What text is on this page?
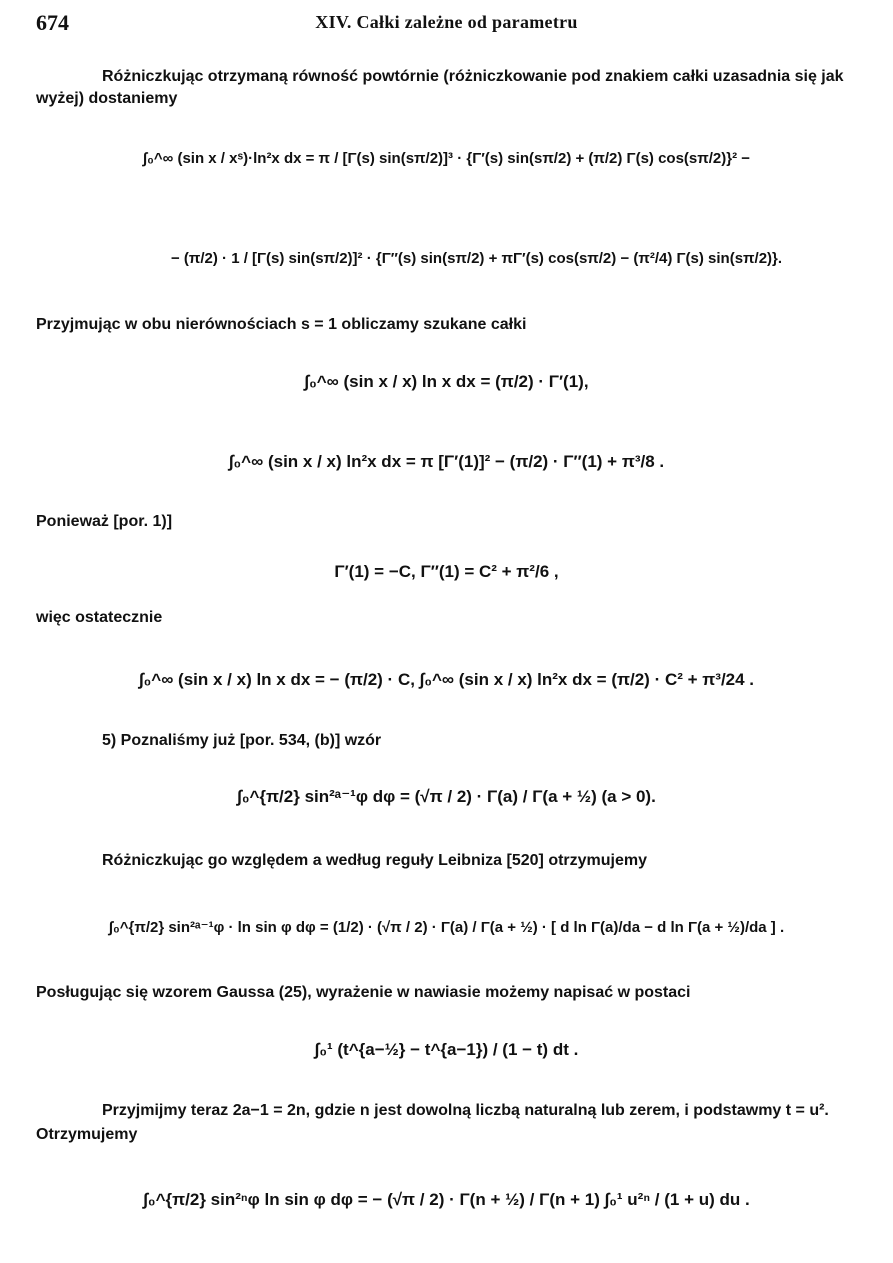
674	XIV. Całki zależne od parametru
Różniczkując otrzymaną równość powtórnie (różniczkowanie pod znakiem całki uzasadnia się jak wyżej) dostaniemy
∫₀^∞ (sin x / xˢ)·ln²x dx = π / [Γ(s) sin(sπ/2)]³ · {Γ′(s) sin(sπ/2) + (π/2) Γ(s) cos(sπ/2)}² −
− (π/2) · 1 / [Γ(s) sin(sπ/2)]² · {Γ″(s) sin(sπ/2) + πΓ′(s) cos(sπ/2) − (π²/4) Γ(s) sin(sπ/2)}.
Przyjmując w obu nierównościach s = 1 obliczamy szukane całki
∫₀^∞ (sin x / x) ln x dx = (π/2) · Γ′(1),
∫₀^∞ (sin x / x) ln²x dx = π [Γ′(1)]² − (π/2) · Γ″(1) + π³/8 .
Ponieważ [por. 1)]
Γ′(1) = −C, Γ″(1) = C² + π²/6 ,
więc ostatecznie
∫₀^∞ (sin x / x) ln x dx = − (π/2) · C, ∫₀^∞ (sin x / x) ln²x dx = (π/2) · C² + π³/24 .
5) Poznaliśmy już [por. 534, (b)] wzór
∫₀^{π/2} sin²ᵃ⁻¹φ dφ = (√π / 2) · Γ(a) / Γ(a + ½) (a > 0).
Różniczkując go względem a według reguły Leibniza [520] otrzymujemy
∫₀^{π/2} sin²ᵃ⁻¹φ · ln sin φ dφ = (1/2) · (√π / 2) · Γ(a) / Γ(a + ½) · [ d ln Γ(a)/da − d ln Γ(a + ½)/da ] .
Posługując się wzorem Gaussa (25), wyrażenie w nawiasie możemy napisać w postaci
∫₀¹ (t^{a−½} − t^{a−1}) / (1 − t) dt .
Przyjmijmy teraz 2a−1 = 2n, gdzie n jest dowolną liczbą naturalną lub zerem, i podstawmy t = u².
Otrzymujemy
∫₀^{π/2} sin²ⁿφ ln sin φ dφ = − (√π / 2) · Γ(n + ½) / Γ(n + 1) ∫₀¹ u²ⁿ / (1 + u) du .
